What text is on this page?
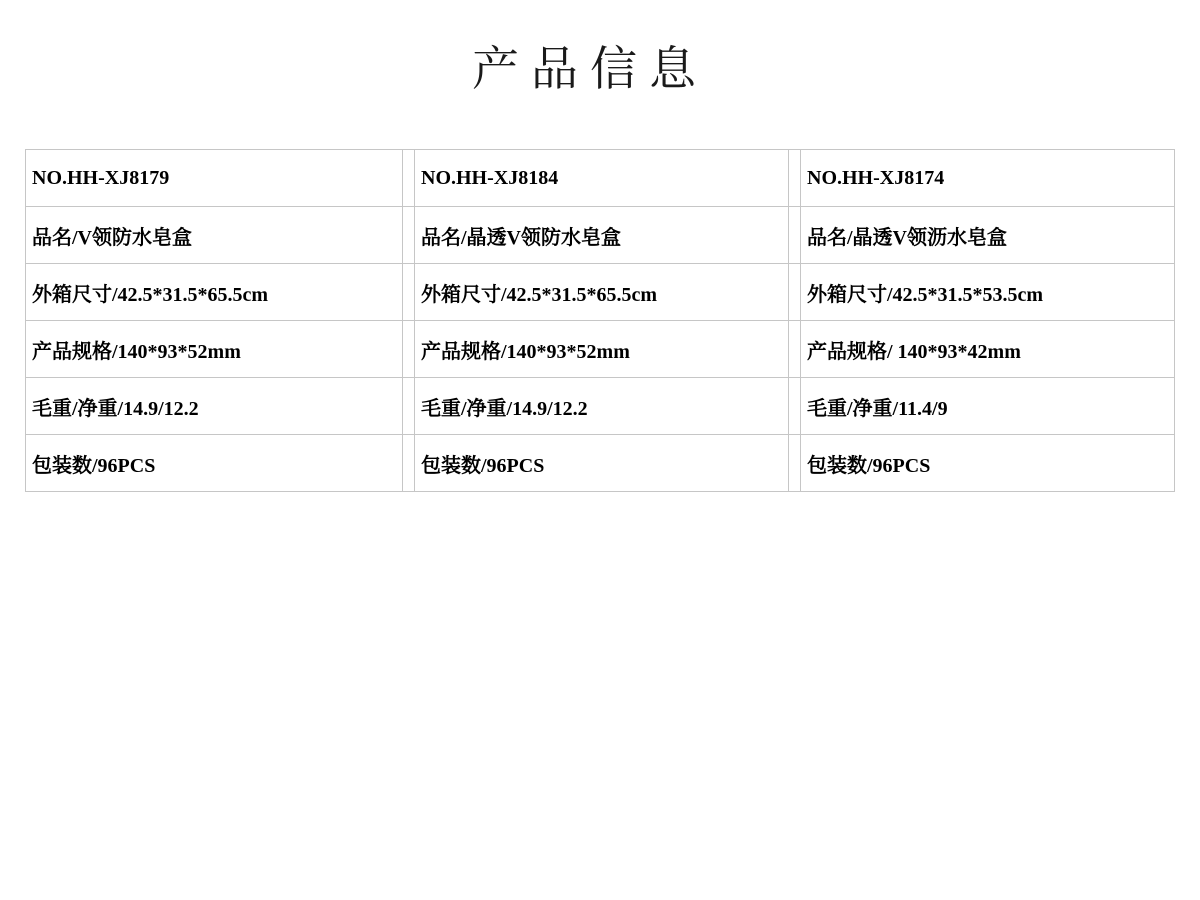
产品信息
NO.HH-XJ8179		NO.HH-XJ8184		NO.HH-XJ8174
品名/V领防水皂盒		品名/晶透V领防水皂盒		品名/晶透V领沥水皂盒
外箱尺寸/42.5*31.5*65.5cm		外箱尺寸/42.5*31.5*65.5cm		外箱尺寸/42.5*31.5*53.5cm
产品规格/140*93*52mm		产品规格/140*93*52mm		产品规格/ 140*93*42mm
毛重/净重/14.9/12.2		毛重/净重/14.9/12.2		毛重/净重/11.4/9
包装数/96PCS		包装数/96PCS		包装数/96PCS
